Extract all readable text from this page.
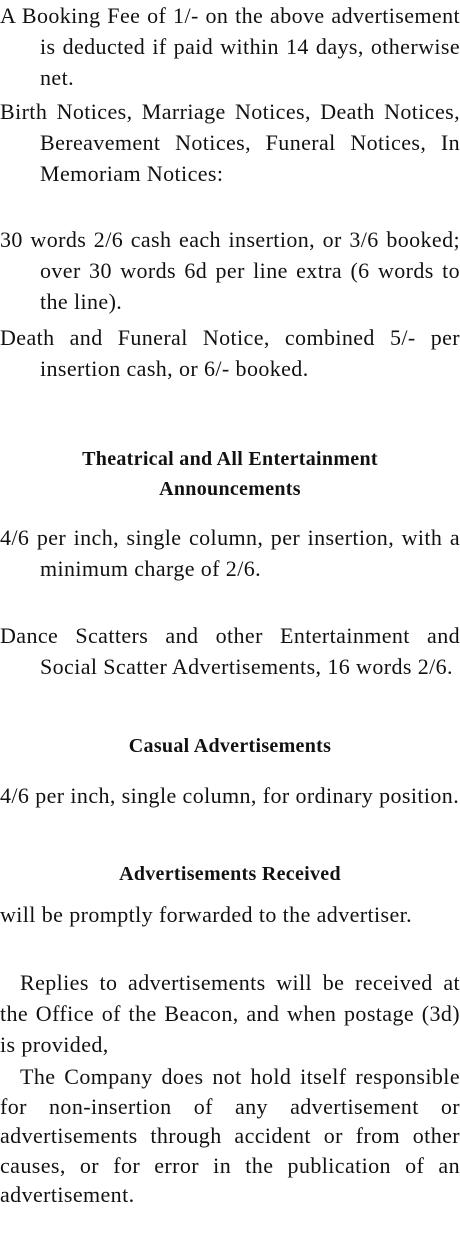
A Booking Fee of 1/- on the above advertisement is deducted if paid within 14 days, otherwise net.

Birth Notices, Marriage Notices, Death Notices, Bereavement Notices, Funeral Notices, In Memoriam Notices:

30 words 2/6 cash each insertion, or 3/6 booked; over 30 words 6d per line extra (6 words to the line).

Death and Funeral Notice, combined 5/- per insertion cash, or 6/- booked.

Theatrical and All Entertainment Announcements

4/6 per inch, single column, per insertion, with a minimum charge of 2/6.

Dance Scatters and other Entertainment and Social Scatter Advertisements, 16 words 2/6.

Casual Advertisements

4/6 per inch, single column, for ordinary position.

Advertisements Received

will be promptly forwarded to the advertiser.

Replies to advertisements will be received at the Office of the Beacon, and when postage (3d) is provided,

The Company does not hold itself responsible for non-insertion of any advertisement or advertisements through accident or from other causes, or for error in the publication of an advertisement.
